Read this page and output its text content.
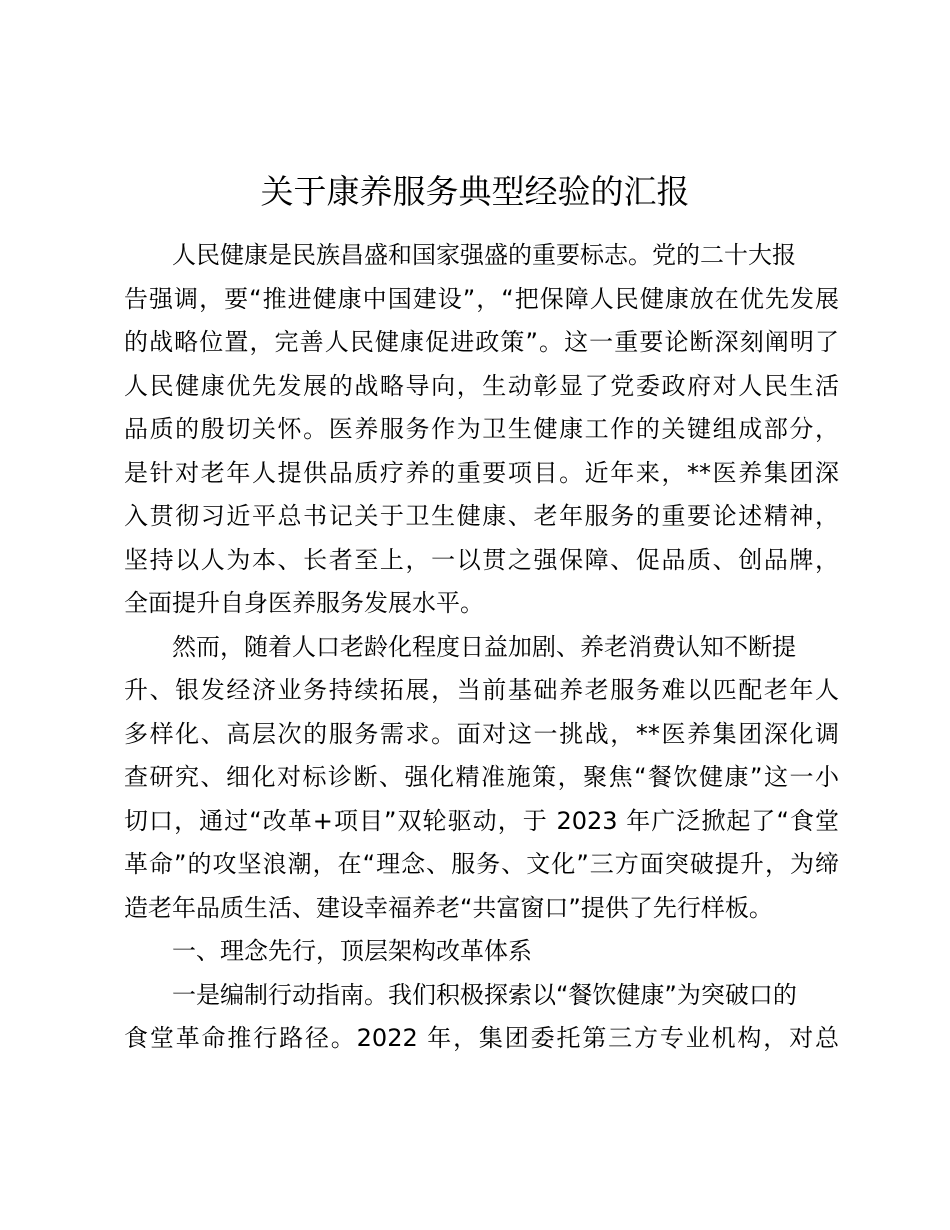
关于康养服务典型经验的汇报
人民健康是民族昌盛和国家强盛的重要标志。党的二十大报
告强调，要“推进健康中国建设”，“把保障人民健康放在优先发展
的战略位置，完善人民健康促进政策”。这一重要论断深刻阐明了
人民健康优先发展的战略导向，生动彰显了党委政府对人民生活
品质的殷切关怀。医养服务作为卫生健康工作的关键组成部分，
是针对老年人提供品质疗养的重要项目。近年来，**医养集团深
入贯彻习近平总书记关于卫生健康、老年服务的重要论述精神，
坚持以人为本、长者至上，一以贯之强保障、促品质、创品牌，
全面提升自身医养服务发展水平。
然而，随着人口老龄化程度日益加剧、养老消费认知不断提
升、银发经济业务持续拓展，当前基础养老服务难以匹配老年人
多样化、高层次的服务需求。面对这一挑战，**医养集团深化调
查研究、细化对标诊断、强化精准施策，聚焦“餐饮健康”这一小
切口，通过“改革+项目”双轮驱动，于 2023 年广泛掀起了“食堂
革命”的攻坚浪潮，在“理念、服务、文化”三方面突破提升，为缔
造老年品质生活、建设幸福养老“共富窗口”提供了先行样板。
一、理念先行，顶层架构改革体系
一是编制行动指南。我们积极探索以“餐饮健康”为突破口的
食堂革命推行路径。2022 年，集团委托第三方专业机构，对总
